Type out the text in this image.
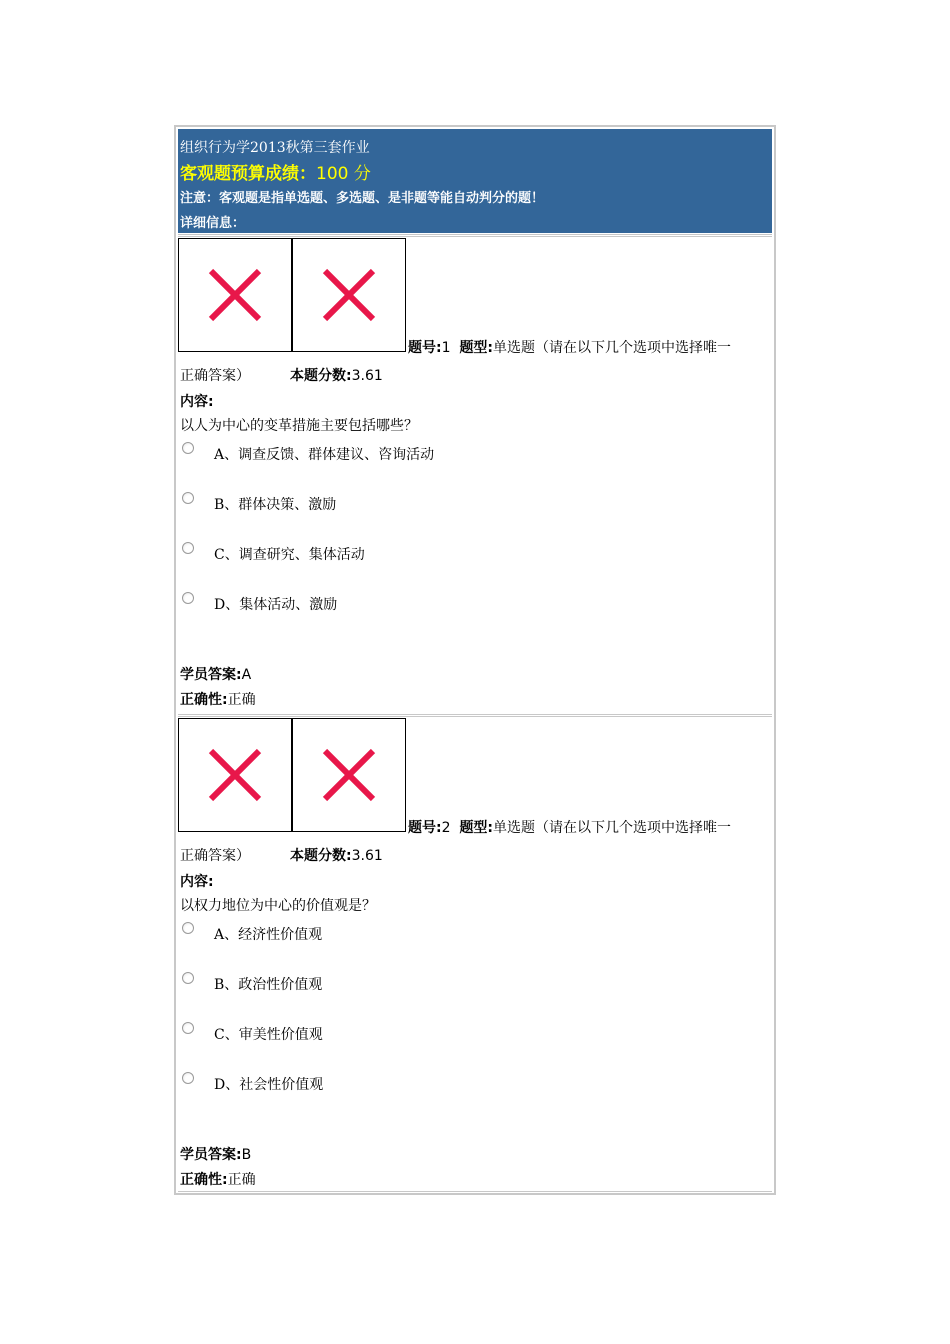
组织行为学2013秋第三套作业
客观题预算成绩：100 分
注意：客观题是指单选题、多选题、是非题等能自动判分的题！
详细信息：
题号:1 题型:单选题（请在以下几个选项中选择唯一
正确答案）	本题分数:3.61
内容:
以人为中心的变革措施主要包括哪些？
A、调查反馈、群体建议、咨询活动
B、群体决策、激励
C、调查研究、集体活动
D、集体活动、激励
学员答案:A
正确性:正确
题号:2 题型:单选题（请在以下几个选项中选择唯一
正确答案）	本题分数:3.61
内容:
以权力地位为中心的价值观是？
A、经济性价值观
B、政治性价值观
C、审美性价值观
D、社会性价值观
学员答案:B
正确性:正确
